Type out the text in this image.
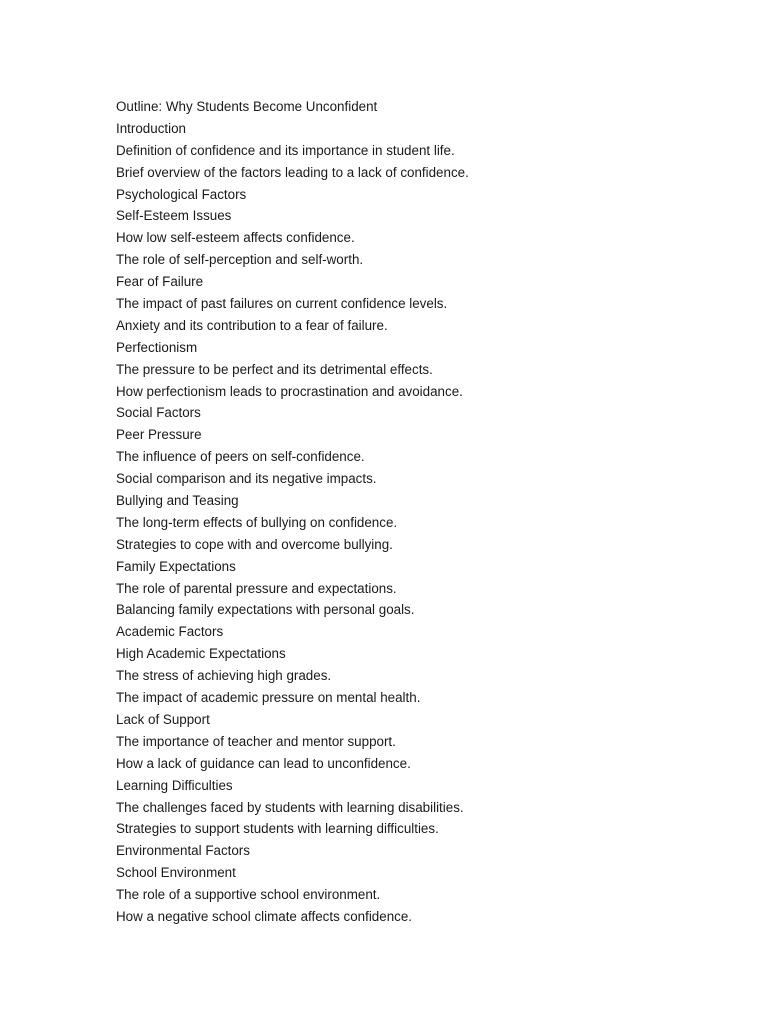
Outline: Why Students Become Unconfident
Introduction
Definition of confidence and its importance in student life.
Brief overview of the factors leading to a lack of confidence.
Psychological Factors
Self-Esteem Issues
How low self-esteem affects confidence.
The role of self-perception and self-worth.
Fear of Failure
The impact of past failures on current confidence levels.
Anxiety and its contribution to a fear of failure.
Perfectionism
The pressure to be perfect and its detrimental effects.
How perfectionism leads to procrastination and avoidance.
Social Factors
Peer Pressure
The influence of peers on self-confidence.
Social comparison and its negative impacts.
Bullying and Teasing
The long-term effects of bullying on confidence.
Strategies to cope with and overcome bullying.
Family Expectations
The role of parental pressure and expectations.
Balancing family expectations with personal goals.
Academic Factors
High Academic Expectations
The stress of achieving high grades.
The impact of academic pressure on mental health.
Lack of Support
The importance of teacher and mentor support.
How a lack of guidance can lead to unconfidence.
Learning Difficulties
The challenges faced by students with learning disabilities.
Strategies to support students with learning difficulties.
Environmental Factors
School Environment
The role of a supportive school environment.
How a negative school climate affects confidence.
